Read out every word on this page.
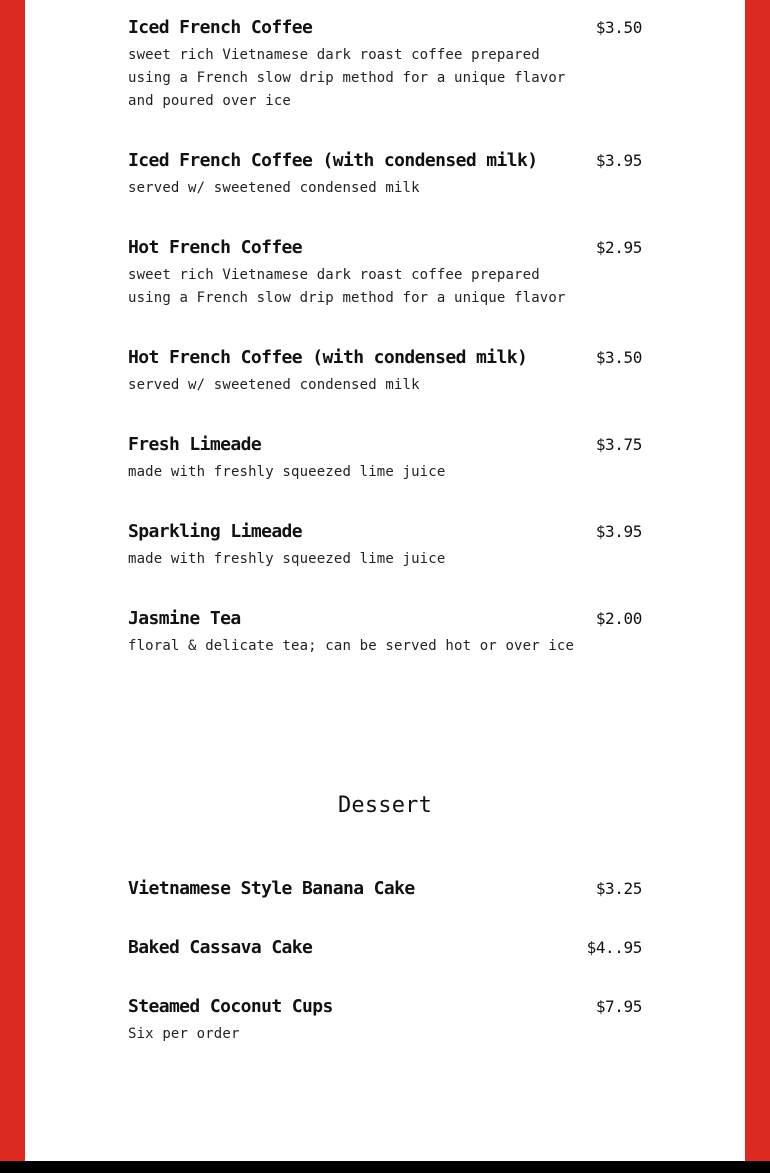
Iced French Coffee	$3.50
sweet rich Vietnamese dark roast coffee prepared
using a French slow drip method for a unique flavor
and poured over ice
Iced French Coffee (with condensed milk)	$3.95
served w/ sweetened condensed milk
Hot French Coffee	$2.95
sweet rich Vietnamese dark roast coffee prepared
using a French slow drip method for a unique flavor
Hot French Coffee (with condensed milk)	$3.50
served w/ sweetened condensed milk
Fresh Limeade	$3.75
made with freshly squeezed lime juice
Sparkling Limeade	$3.95
made with freshly squeezed lime juice
Jasmine Tea	$2.00
floral & delicate tea; can be served hot or over ice
Dessert
Vietnamese Style Banana Cake	$3.25
Baked Cassava Cake	$4..95
Steamed Coconut Cups	$7.95
Six per order
